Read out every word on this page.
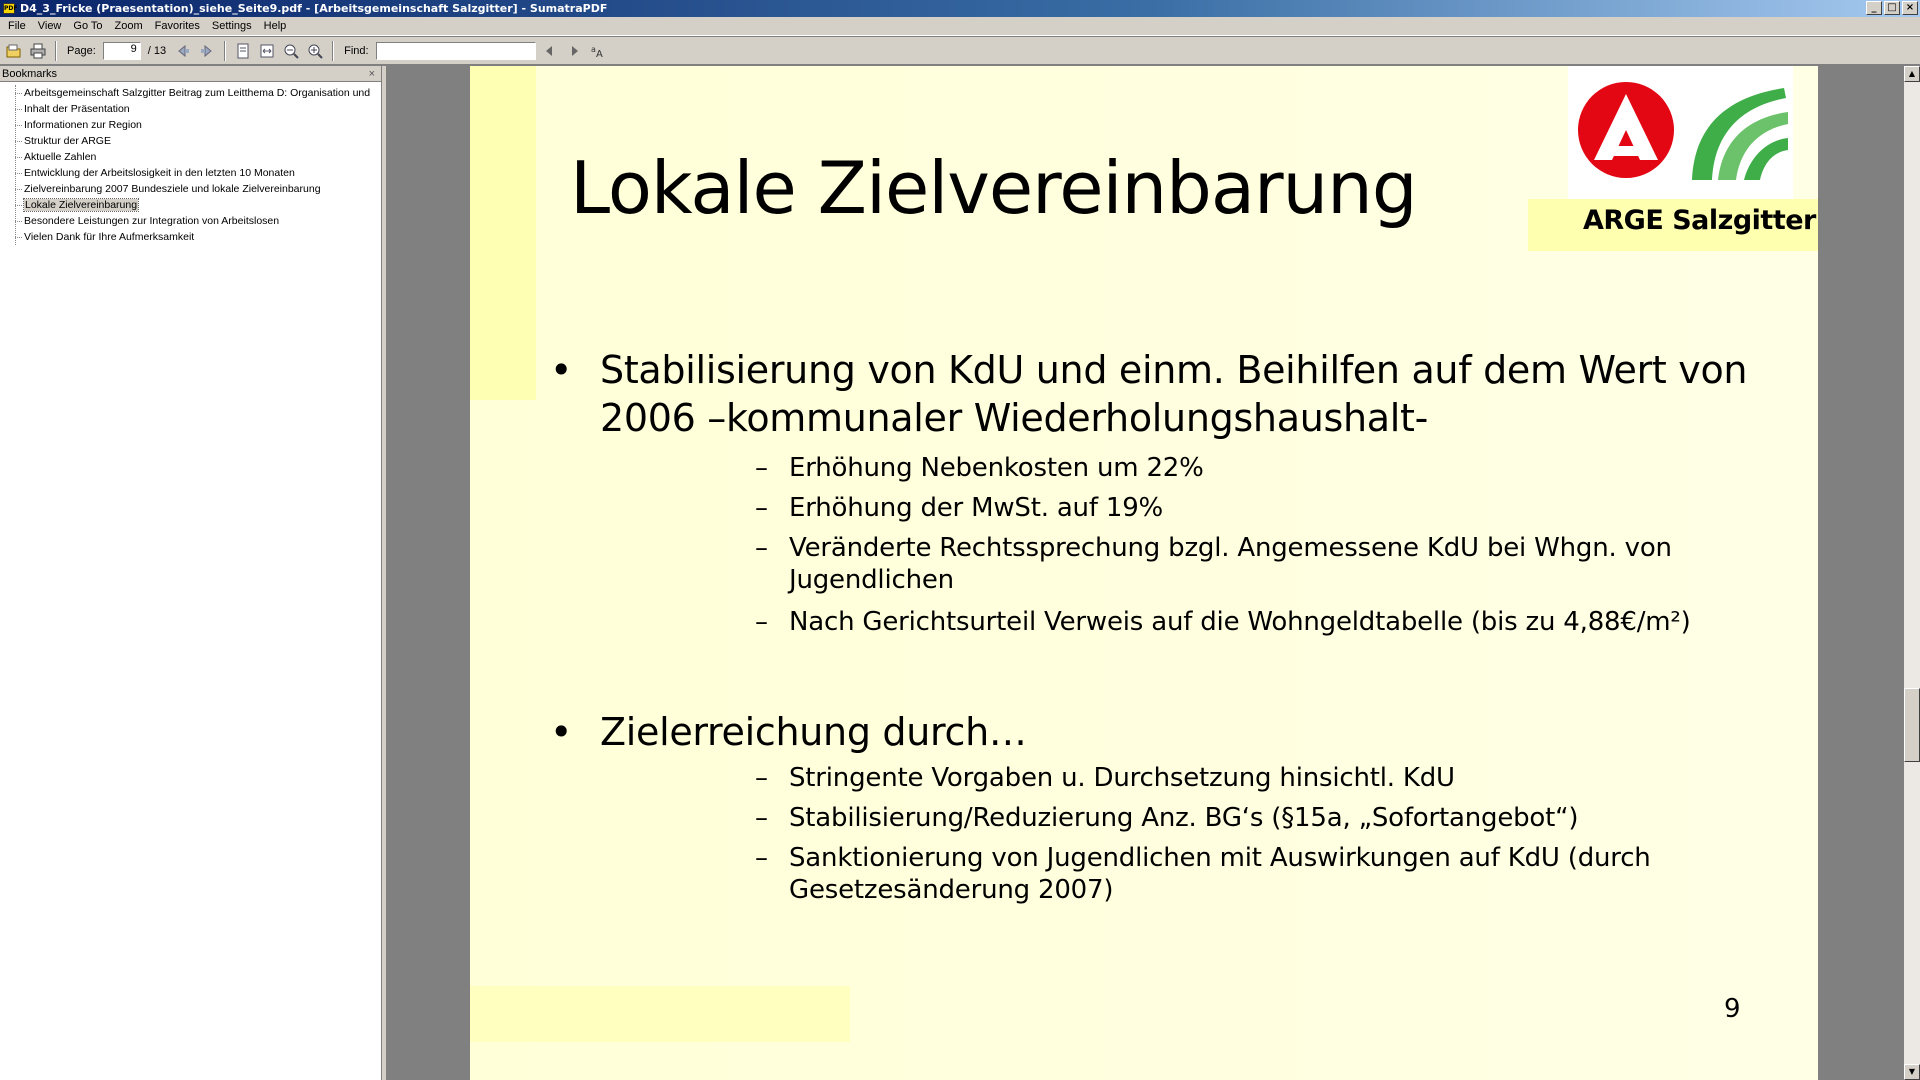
PDF D4_3_Fricke (Praesentation)_siehe_Seite9.pdf - [Arbeitsgemeinschaft Salzgitter] - SumatraPDF	_	□ ×
File	View	Go To	Zoom	Favorites	Settings	Help
Page:	9	/ 13	Find:	a A
Bookmarks	×
Arbeitsgemeinschaft Salzgitter Beitrag zum Leitthema D: Organisation und
Inhalt der Präsentation
Informationen zur Region
Struktur der ARGE
Aktuelle Zahlen
Entwicklung der Arbeitslosigkeit in den letzten 10 Monaten
Zielvereinbarung 2007 Bundesziele und lokale Zielvereinbarung
Lokale Zielvereinbarung
Besondere Leistungen zur Integration von Arbeitslosen
Vielen Dank für Ihre Aufmerksamkeit
Lokale Zielvereinbarung	ARGE Salzgitter
• Stabilisierung von KdU und einm. Beihilfen auf dem Wert von 2006 –kommunaler Wiederholungshaushalt-
– Erhöhung Nebenkosten um 22%
– Erhöhung der MwSt. auf 19%
– Veränderte Rechtssprechung bzgl. Angemessene KdU bei Whgn. von Jugendlichen
– Nach Gerichtsurteil Verweis auf die Wohngeldtabelle (bis zu 4,88€/m²)
• Zielerreichung durch…
– Stringente Vorgaben u. Durchsetzung hinsichtl. KdU
– Stabilisierung/Reduzierung Anz. BG‘s (§15a, „Sofortangebot“)
– Sanktionierung von Jugendlichen mit Auswirkungen auf KdU (durch Gesetzesänderung 2007)
9
▲
▼
